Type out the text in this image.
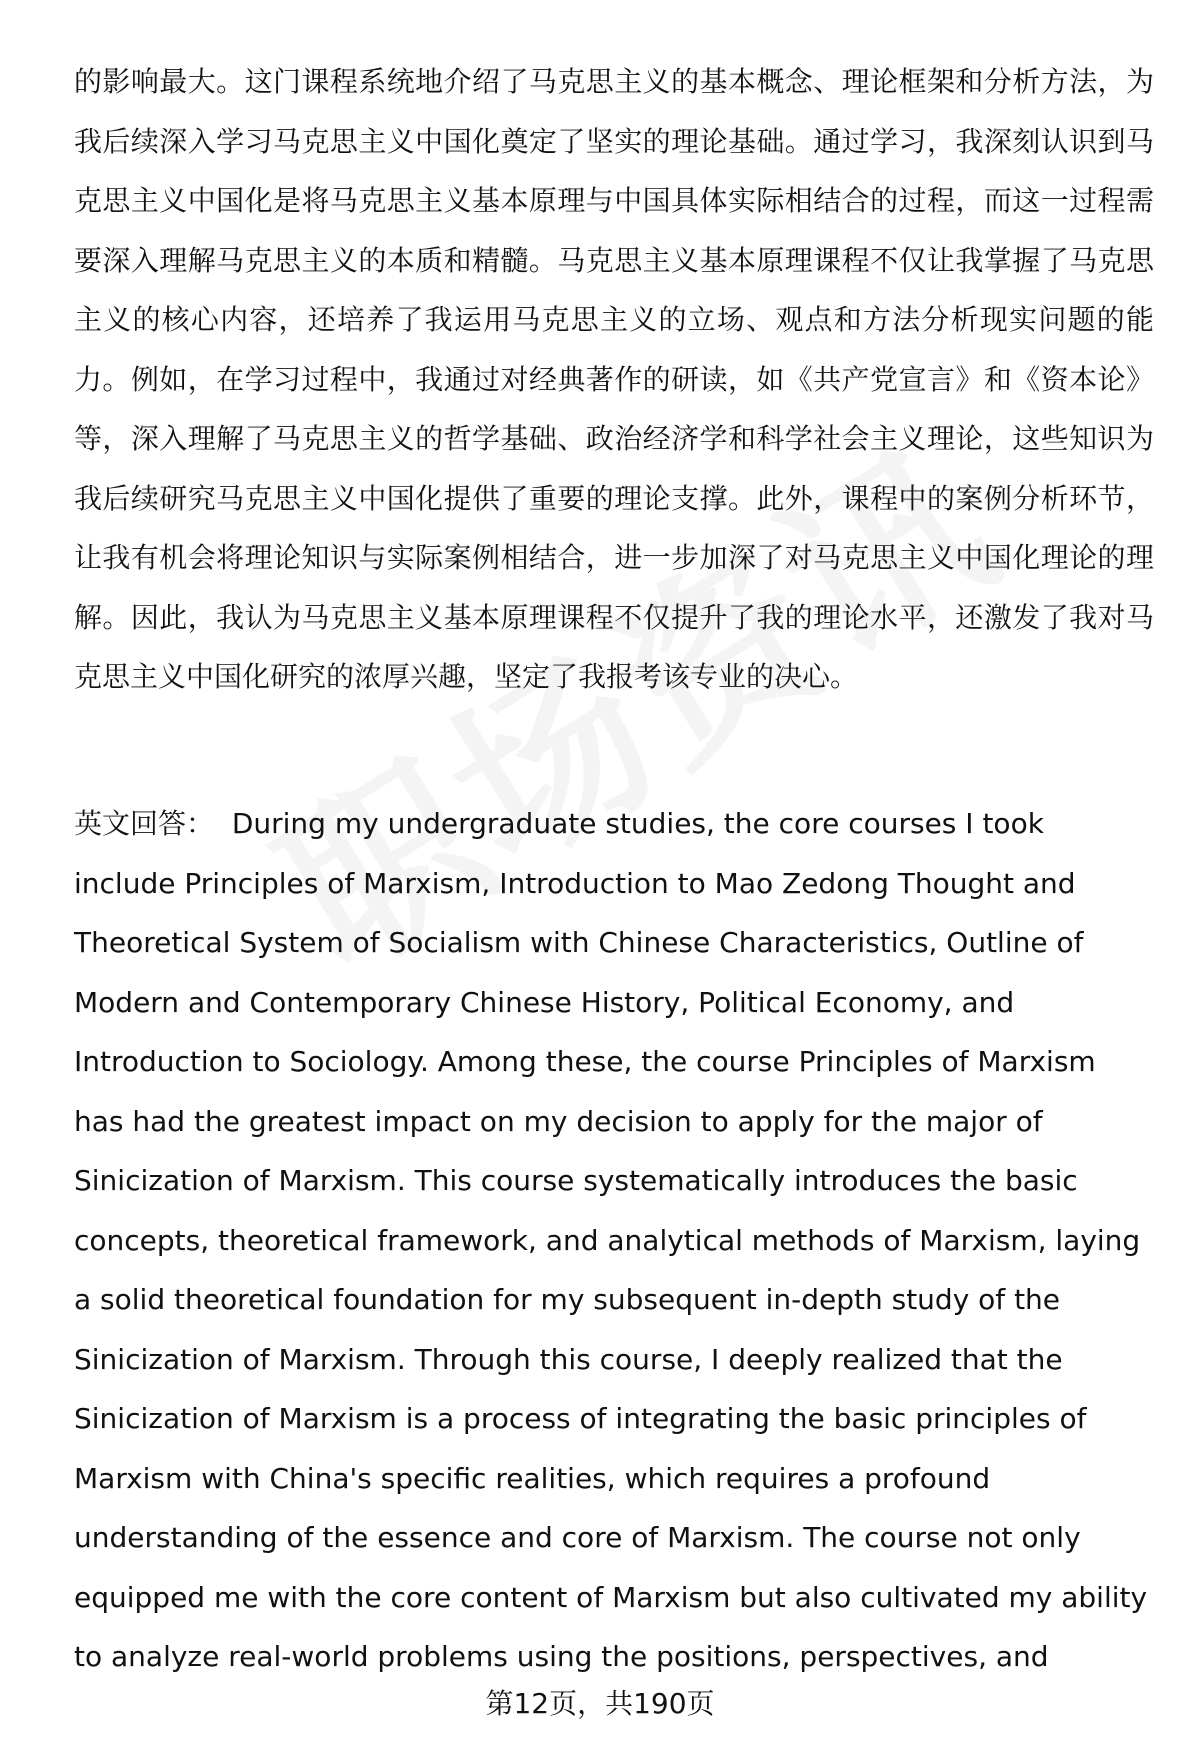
的影响最大。这门课程系统地介绍了马克思主义的基本概念、理论框架和分析方法，为我后续深入学习马克思主义中国化奠定了坚实的理论基础。通过学习，我深刻认识到马克思主义中国化是将马克思主义基本原理与中国具体实际相结合的过程，而这一过程需要深入理解马克思主义的本质和精髓。马克思主义基本原理课程不仅让我掌握了马克思主义的核心内容，还培养了我运用马克思主义的立场、观点和方法分析现实问题的能力。例如，在学习过程中，我通过对经典著作的研读，如《共产党宣言》和《资本论》等，深入理解了马克思主义的哲学基础、政治经济学和科学社会主义理论，这些知识为我后续研究马克思主义中国化提供了重要的理论支撑。此外，课程中的案例分析环节，让我有机会将理论知识与实际案例相结合，进一步加深了对马克思主义中国化理论的理解。因此，我认为马克思主义基本原理课程不仅提升了我的理论水平，还激发了我对马克思主义中国化研究的浓厚兴趣，坚定了我报考该专业的决心。

英文回答： During my undergraduate studies, the core courses I took include Principles of Marxism, Introduction to Mao Zedong Thought and Theoretical System of Socialism with Chinese Characteristics, Outline of Modern and Contemporary Chinese History, Political Economy, and Introduction to Sociology. Among these, the course Principles of Marxism has had the greatest impact on my decision to apply for the major of Sinicization of Marxism. This course systematically introduces the basic concepts, theoretical framework, and analytical methods of Marxism, laying a solid theoretical foundation for my subsequent in-depth study of the Sinicization of Marxism. Through this course, I deeply realized that the Sinicization of Marxism is a process of integrating the basic principles of Marxism with China's specific realities, which requires a profound understanding of the essence and core of Marxism. The course not only equipped me with the core content of Marxism but also cultivated my ability to analyze real-world problems using the positions, perspectives, and

第12页，共190页
